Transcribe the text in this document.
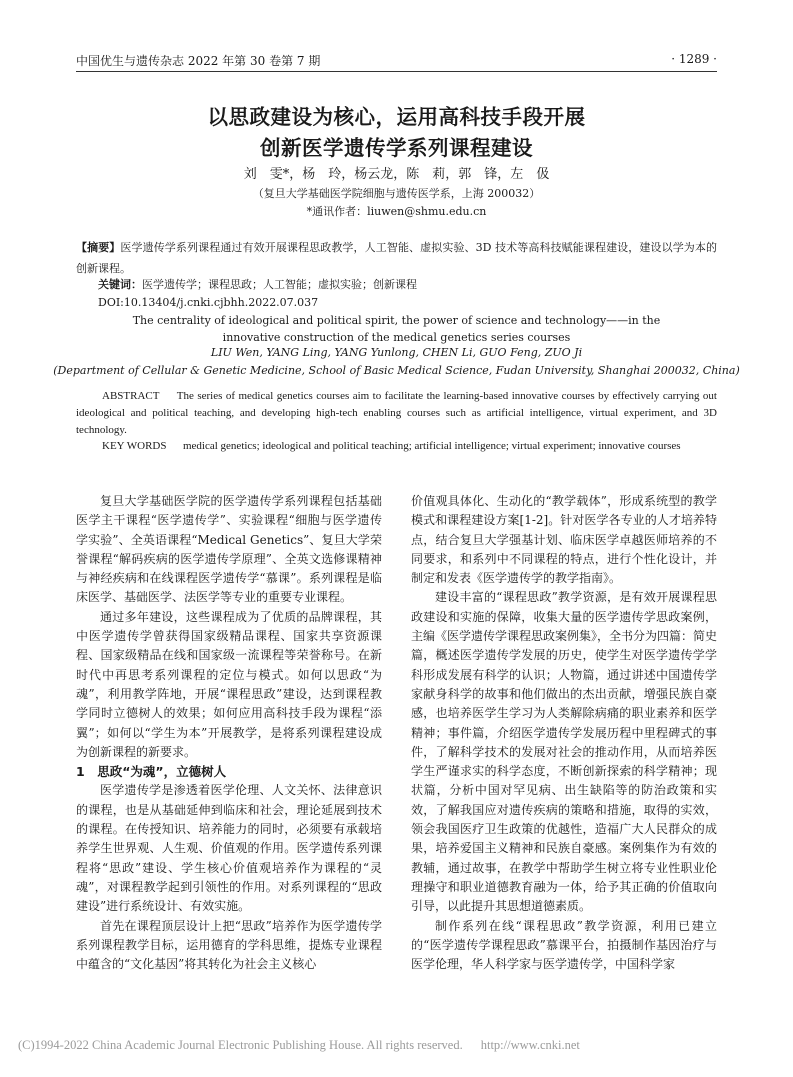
中国优生与遗传杂志 2022 年第 30 卷第 7 期	· 1289 ·
以思政建设为核心，运用高科技手段开展
创新医学遗传学系列课程建设
刘　雯*，杨　玲，杨云龙，陈　莉，郭　锋，左　伋
（复旦大学基础医学院细胞与遗传医学系，上海 200032）
*通讯作者：liuwen@shmu.edu.cn
【摘要】医学遗传学系列课程通过有效开展课程思政教学，人工智能、虚拟实验、3D 技术等高科技赋能课程建设，建设以学为本的创新课程。
关键词：医学遗传学；课程思政；人工智能；虚拟实验；创新课程
DOI:10.13404/j.cnki.cjbhh.2022.07.037
The centrality of ideological and political spirit, the power of science and technology——in the
innovative construction of the medical genetics series courses
LIU Wen, YANG Ling, YANG Yunlong, CHEN Li, GUO Feng, ZUO Ji
(Department of Cellular & Genetic Medicine, School of Basic Medical Science, Fudan University, Shanghai 200032, China)
ABSTRACT The series of medical genetics courses aim to facilitate the learning-based innovative courses by effectively carrying out ideological and political teaching, and developing high-tech enabling courses such as artificial intelligence, virtual experiment, and 3D technology.
KEY WORDS medical genetics; ideological and political teaching; artificial intelligence; virtual experiment; innovative courses

复旦大学基础医学院的医学遗传学系列课程包括基础医学主干课程“医学遗传学”、实验课程“细胞与医学遗传学实验”、全英语课程“Medical Genetics”、复旦大学荣誉课程“解码疾病的医学遗传学原理”、全英文选修课精神与神经疾病和在线课程医学遗传学“慕课”。系列课程是临床医学、基础医学、法医学等专业的重要专业课程。

通过多年建设，这些课程成为了优质的品牌课程，其中医学遗传学曾获得国家级精品课程、国家共享资源课程、国家级精品在线和国家级一流课程等荣誉称号。在新时代中再思考系列课程的定位与模式。如何以思政“为魂”，利用教学阵地，开展“课程思政”建设，达到课程教学同时立德树人的效果；如何应用高科技手段为课程“添翼”；如何以“学生为本”开展教学，是将系列课程建设成为创新课程的新要求。

1　思政“为魂”，立德树人

医学遗传学是渗透着医学伦理、人文关怀、法律意识的课程，也是从基础延伸到临床和社会，理论延展到技术的课程。在传授知识、培养能力的同时，必须要有承载培养学生世界观、人生观、价值观的作用。医学遗传系列课程将“思政”建设、学生核心价值观培养作为课程的“灵魂”，对课程教学起到引领性的作用。对系列课程的“思政建设”进行系统设计、有效实施。

首先在课程顶层设计上把“思政”培养作为医学遗传学系列课程教学目标，运用德育的学科思维，提炼专业课程中蕴含的“文化基因”将其转化为社会主义核心

价值观具体化、生动化的“教学载体”，形成系统型的教学模式和课程建设方案[1-2]。针对医学各专业的人才培养特点，结合复旦大学强基计划、临床医学卓越医师培养的不同要求，和系列中不同课程的特点，进行个性化设计，并制定和发表《医学遗传学的教学指南》。

建设丰富的“课程思政”教学资源，是有效开展课程思政建设和实施的保障，收集大量的医学遗传学思政案例，主编《医学遗传学课程思政案例集》，全书分为四篇：简史篇，概述医学遗传学发展的历史，使学生对医学遗传学学科形成发展有科学的认识；人物篇，通过讲述中国遗传学家献身科学的故事和他们做出的杰出贡献，增强民族自豪感，也培养医学生学习为人类解除病痛的职业素养和医学精神；事件篇，介绍医学遗传学发展历程中里程碑式的事件，了解科学技术的发展对社会的推动作用，从而培养医学生严谨求实的科学态度，不断创新探索的科学精神；现状篇，分析中国对罕见病、出生缺陷等的防治政策和实效，了解我国应对遗传疾病的策略和措施，取得的实效，领会我国医疗卫生政策的优越性，造福广大人民群众的成果，培养爱国主义精神和民族自豪感。案例集作为有效的教辅，通过故事，在教学中帮助学生树立将专业性职业伦理操守和职业道德教育融为一体，给予其正确的价值取向引导，以此提升其思想道德素质。

制作系列在线“课程思政”教学资源，利用已建立的“医学遗传学课程思政”慕课平台，拍摄制作基因治疗与医学伦理，华人科学家与医学遗传学，中国科学家

(C)1994-2022 China Academic Journal Electronic Publishing House. All rights reserved. http://www.cnki.net
